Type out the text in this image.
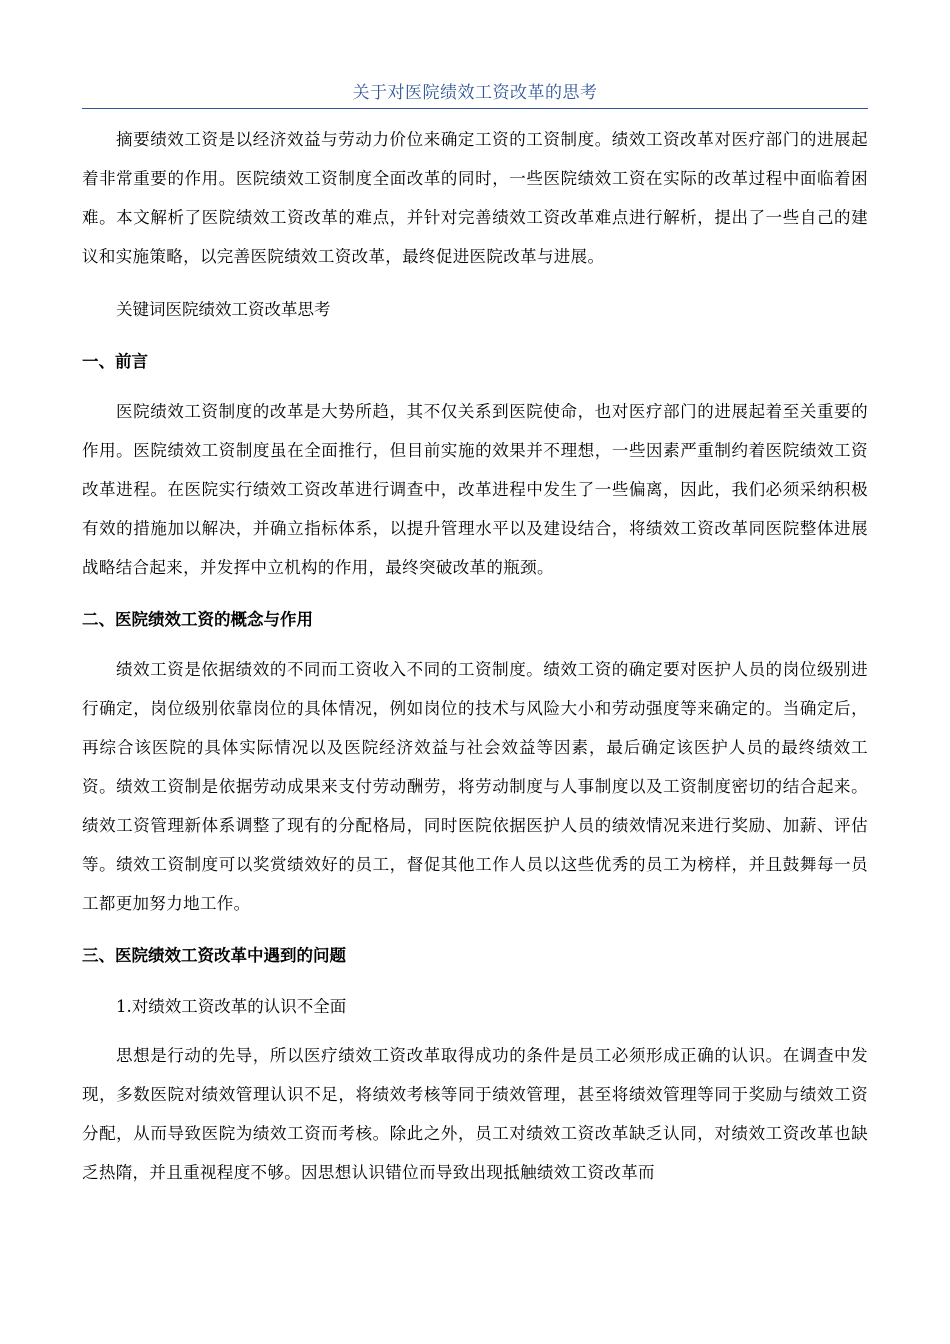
关于对医院绩效工资改革的思考

摘要绩效工资是以经济效益与劳动力价位来确定工资的工资制度。绩效工资改革对医疗部门的进展起着非常重要的作用。医院绩效工资制度全面改革的同时，一些医院绩效工资在实际的改革过程中面临着困难。本文解析了医院绩效工资改革的难点，并针对完善绩效工资改革难点进行解析，提出了一些自己的建议和实施策略，以完善医院绩效工资改革，最终促进医院改革与进展。

关键词医院绩效工资改革思考

一、前言

医院绩效工资制度的改革是大势所趋，其不仅关系到医院使命，也对医疗部门的进展起着至关重要的作用。医院绩效工资制度虽在全面推行，但目前实施的效果并不理想，一些因素严重制约着医院绩效工资改革进程。在医院实行绩效工资改革进行调查中，改革进程中发生了一些偏离，因此，我们必须采纳积极有效的措施加以解决，并确立指标体系，以提升管理水平以及建设结合，将绩效工资改革同医院整体进展战略结合起来，并发挥中立机构的作用，最终突破改革的瓶颈。

二、医院绩效工资的概念与作用

绩效工资是依据绩效的不同而工资收入不同的工资制度。绩效工资的确定要对医护人员的岗位级别进行确定，岗位级别依靠岗位的具体情况，例如岗位的技术与风险大小和劳动强度等来确定的。当确定后，再综合该医院的具体实际情况以及医院经济效益与社会效益等因素，最后确定该医护人员的最终绩效工资。绩效工资制是依据劳动成果来支付劳动酬劳，将劳动制度与人事制度以及工资制度密切的结合起来。绩效工资管理新体系调整了现有的分配格局，同时医院依据医护人员的绩效情况来进行奖励、加薪、评估等。绩效工资制度可以奖赏绩效好的员工，督促其他工作人员以这些优秀的员工为榜样，并且鼓舞每一员工都更加努力地工作。

三、医院绩效工资改革中遇到的问题
1.对绩效工资改革的认识不全面

思想是行动的先导，所以医疗绩效工资改革取得成功的条件是员工必须形成正确的认识。在调查中发现，多数医院对绩效管理认识不足，将绩效考核等同于绩效管理，甚至将绩效管理等同于奖励与绩效工资分配，从而导致医院为绩效工资而考核。除此之外，员工对绩效工资改革缺乏认同，对绩效工资改革也缺乏热隋，并且重视程度不够。因思想认识错位而导致出现抵触绩效工资改革而
